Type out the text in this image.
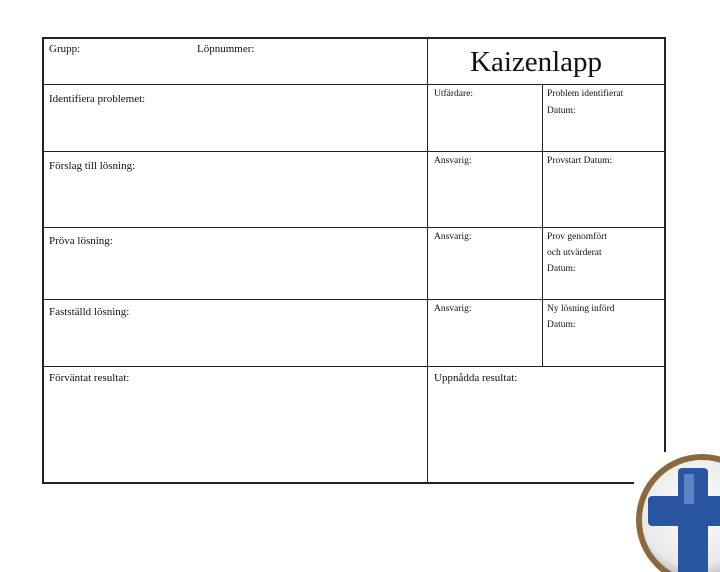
Grupp:	Löpnummer:	Kaizenlapp
Identifiera problemet:	Utfärdare:	Problem identifierat
Datum:
Förslag till lösning:	Ansvarig:	Provstart Datum:
Pröva lösning:	Ansvarig:	Prov genomfört
och utvärderat
Datum:
Fastställd lösning:	Ansvarig:	Ny lösning införd
Datum:
Förväntat resultat:	Uppnådda resultat:
